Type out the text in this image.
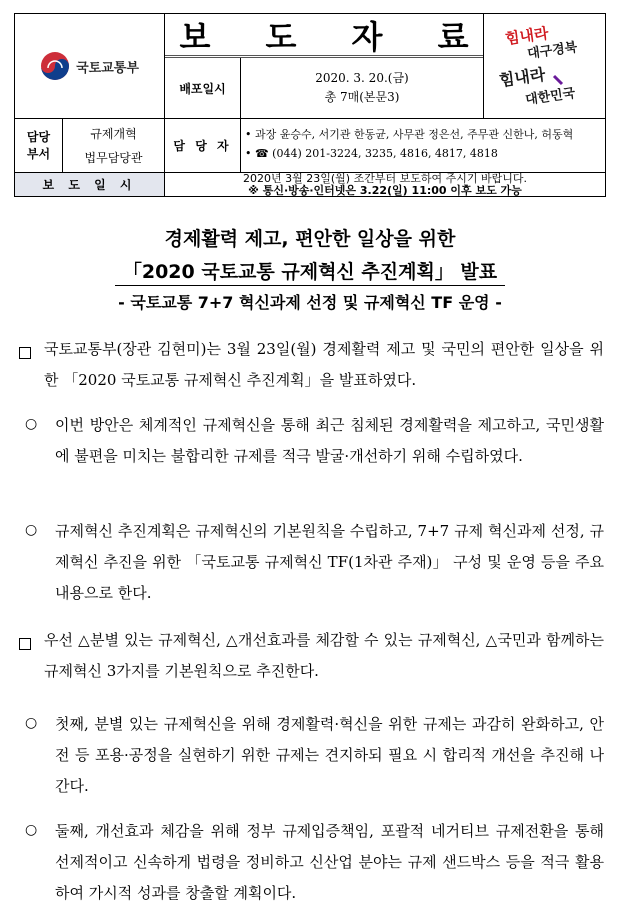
국토교통부
보 도 자 료
배포일시
2020. 3. 20.(금)
총 7매(본문3)
힘내라
대구경북
힘내라
대한민국
담당
부서
규제개혁
법무담당관
담 당 자
• 과장 윤승수, 서기관 한동균, 사무관 정은선, 주무관 신한나, 허동혁
• ☎ (044) 201-3224, 3235, 4816, 4817, 4818
보 도 일 시	2020년 3월 23일(월) 조간부터 보도하여 주시기 바랍니다.
※ 통신·방송·인터넷은 3.22(일) 11:00 이후 보도 가능
경제활력 제고, 편안한 일상을 위한
「2020 국토교통 규제혁신 추진계획」 발표
- 국토교통 7+7 혁신과제 선정 및 규제혁신 TF 운영 -
국토교통부(장관 김현미)는 3월 23일(월) 경제활력 제고 및 국민의 편안한 일상을 위한 「2020 국토교통 규제혁신 추진계획」을 발표하였다.
○ 이번 방안은 체계적인 규제혁신을 통해 최근 침체된 경제활력을 제고하고, 국민생활에 불편을 미치는 불합리한 규제를 적극 발굴·개선하기 위해 수립하였다.
○ 규제혁신 추진계획은 규제혁신의 기본원칙을 수립하고, 7+7 규제 혁신과제 선정, 규제혁신 추진을 위한 「국토교통 규제혁신 TF(1차관 주재)」 구성 및 운영 등을 주요내용으로 한다.
우선 △분별 있는 규제혁신, △개선효과를 체감할 수 있는 규제혁신, △국민과 함께하는 규제혁신 3가지를 기본원칙으로 추진한다.
○ 첫째, 분별 있는 규제혁신을 위해 경제활력·혁신을 위한 규제는 과감히 완화하고, 안전 등 포용·공정을 실현하기 위한 규제는 견지하되 필요 시 합리적 개선을 추진해 나간다.
○ 둘째, 개선효과 체감을 위해 정부 규제입증책임, 포괄적 네거티브 규제전환을 통해 선제적이고 신속하게 법령을 정비하고 신산업 분야는 규제 샌드박스 등을 적극 활용하여 가시적 성과를 창출할 계획이다.
